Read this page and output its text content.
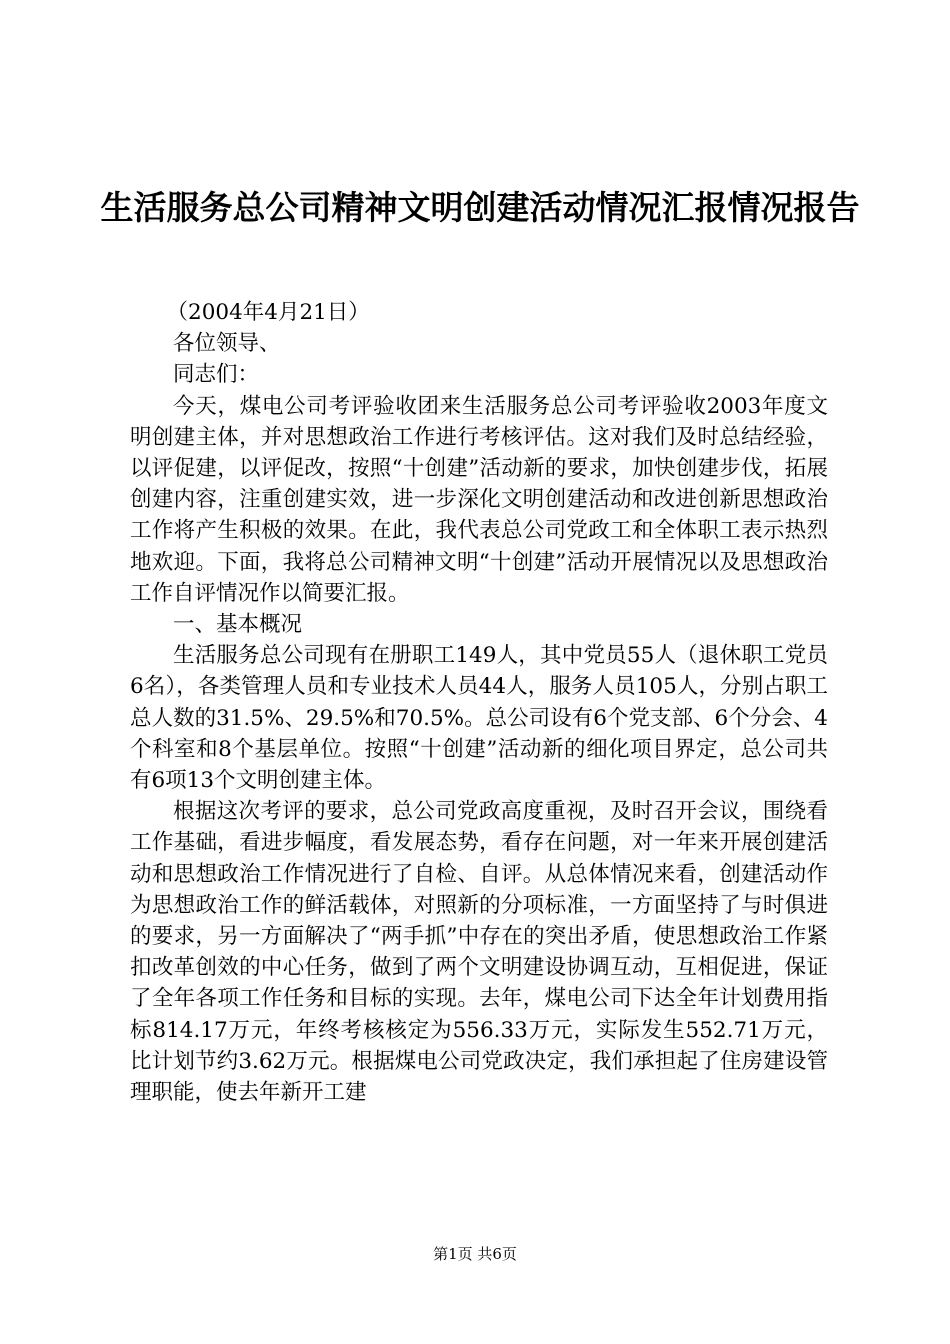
生活服务总公司精神文明创建活动情况汇报情况报告

（2004年4月21日）

各位领导、

同志们：

今天，煤电公司考评验收团来生活服务总公司考评验收2003年度文明创建主体，并对思想政治工作进行考核评估。这对我们及时总结经验，以评促建，以评促改，按照“十创建”活动新的要求，加快创建步伐，拓展创建内容，注重创建实效，进一步深化文明创建活动和改进创新思想政治工作将产生积极的效果。在此，我代表总公司党政工和全体职工表示热烈地欢迎。下面，我将总公司精神文明“十创建”活动开展情况以及思想政治工作自评情况作以简要汇报。

一、基本概况

生活服务总公司现有在册职工149人，其中党员55人（退休职工党员6名），各类管理人员和专业技术人员44人，服务人员105人，分别占职工总人数的31.5%、29.5%和70.5%。总公司设有6个党支部、6个分会、4个科室和8个基层单位。按照“十创建”活动新的细化项目界定，总公司共有6项13个文明创建主体。

根据这次考评的要求，总公司党政高度重视，及时召开会议，围绕看工作基础，看进步幅度，看发展态势，看存在问题，对一年来开展创建活动和思想政治工作情况进行了自检、自评。从总体情况来看，创建活动作为思想政治工作的鲜活载体，对照新的分项标准，一方面坚持了与时俱进的要求，另一方面解决了“两手抓”中存在的突出矛盾，使思想政治工作紧扣改革创效的中心任务，做到了两个文明建设协调互动，互相促进，保证了全年各项工作任务和目标的实现。去年，煤电公司下达全年计划费用指标814.17万元，年终考核核定为556.33万元，实际发生552.71万元，比计划节约3.62万元。根据煤电公司党政决定，我们承担起了住房建设管理职能，使去年新开工建

第1页 共6页
